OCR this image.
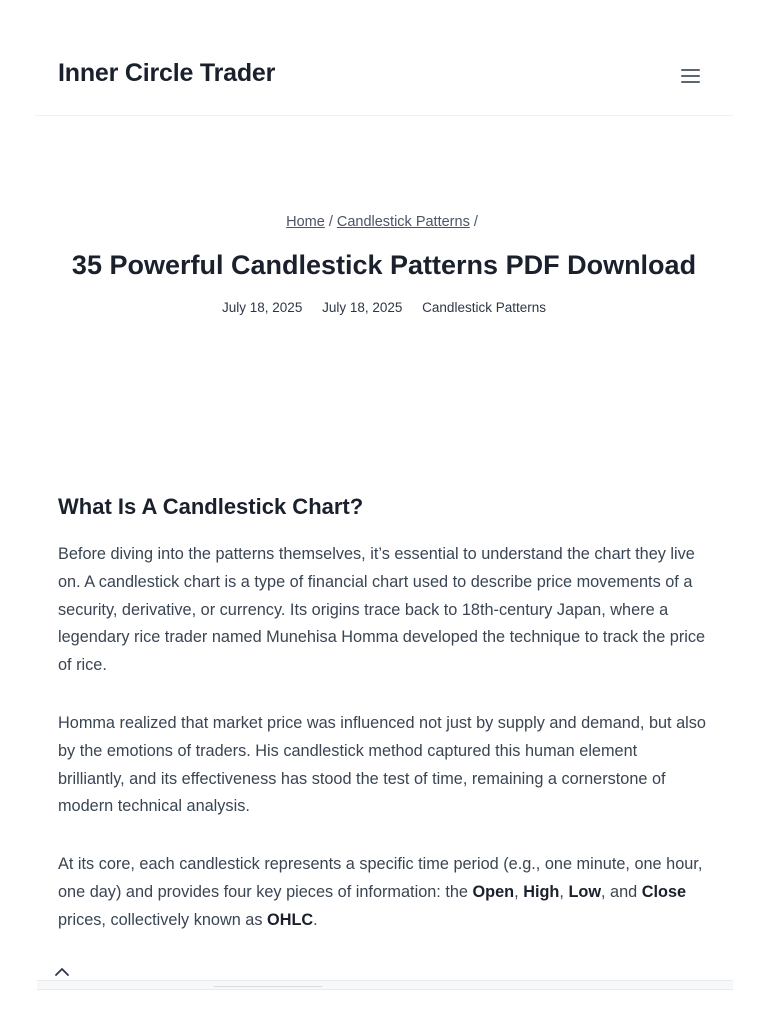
Inner Circle Trader
Home / Candlestick Patterns /
35 Powerful Candlestick Patterns PDF Download
July 18, 2025 July 18, 2025 Candlestick Patterns
What Is A Candlestick Chart?

Before diving into the patterns themselves, it’s essential to understand the chart they live on. A candlestick chart is a type of financial chart used to describe price movements of a security, derivative, or currency. Its origins trace back to 18th-century Japan, where a legendary rice trader named Munehisa Homma developed the technique to track the price of rice.

Homma realized that market price was influenced not just by supply and demand, but also by the emotions of traders. His candlestick method captured this human element brilliantly, and its effectiveness has stood the test of time, remaining a cornerstone of modern technical analysis.

At its core, each candlestick represents a specific time period (e.g., one minute, one hour, one day) and provides four key pieces of information: the Open, High, Low, and Close prices, collectively known as OHLC.
